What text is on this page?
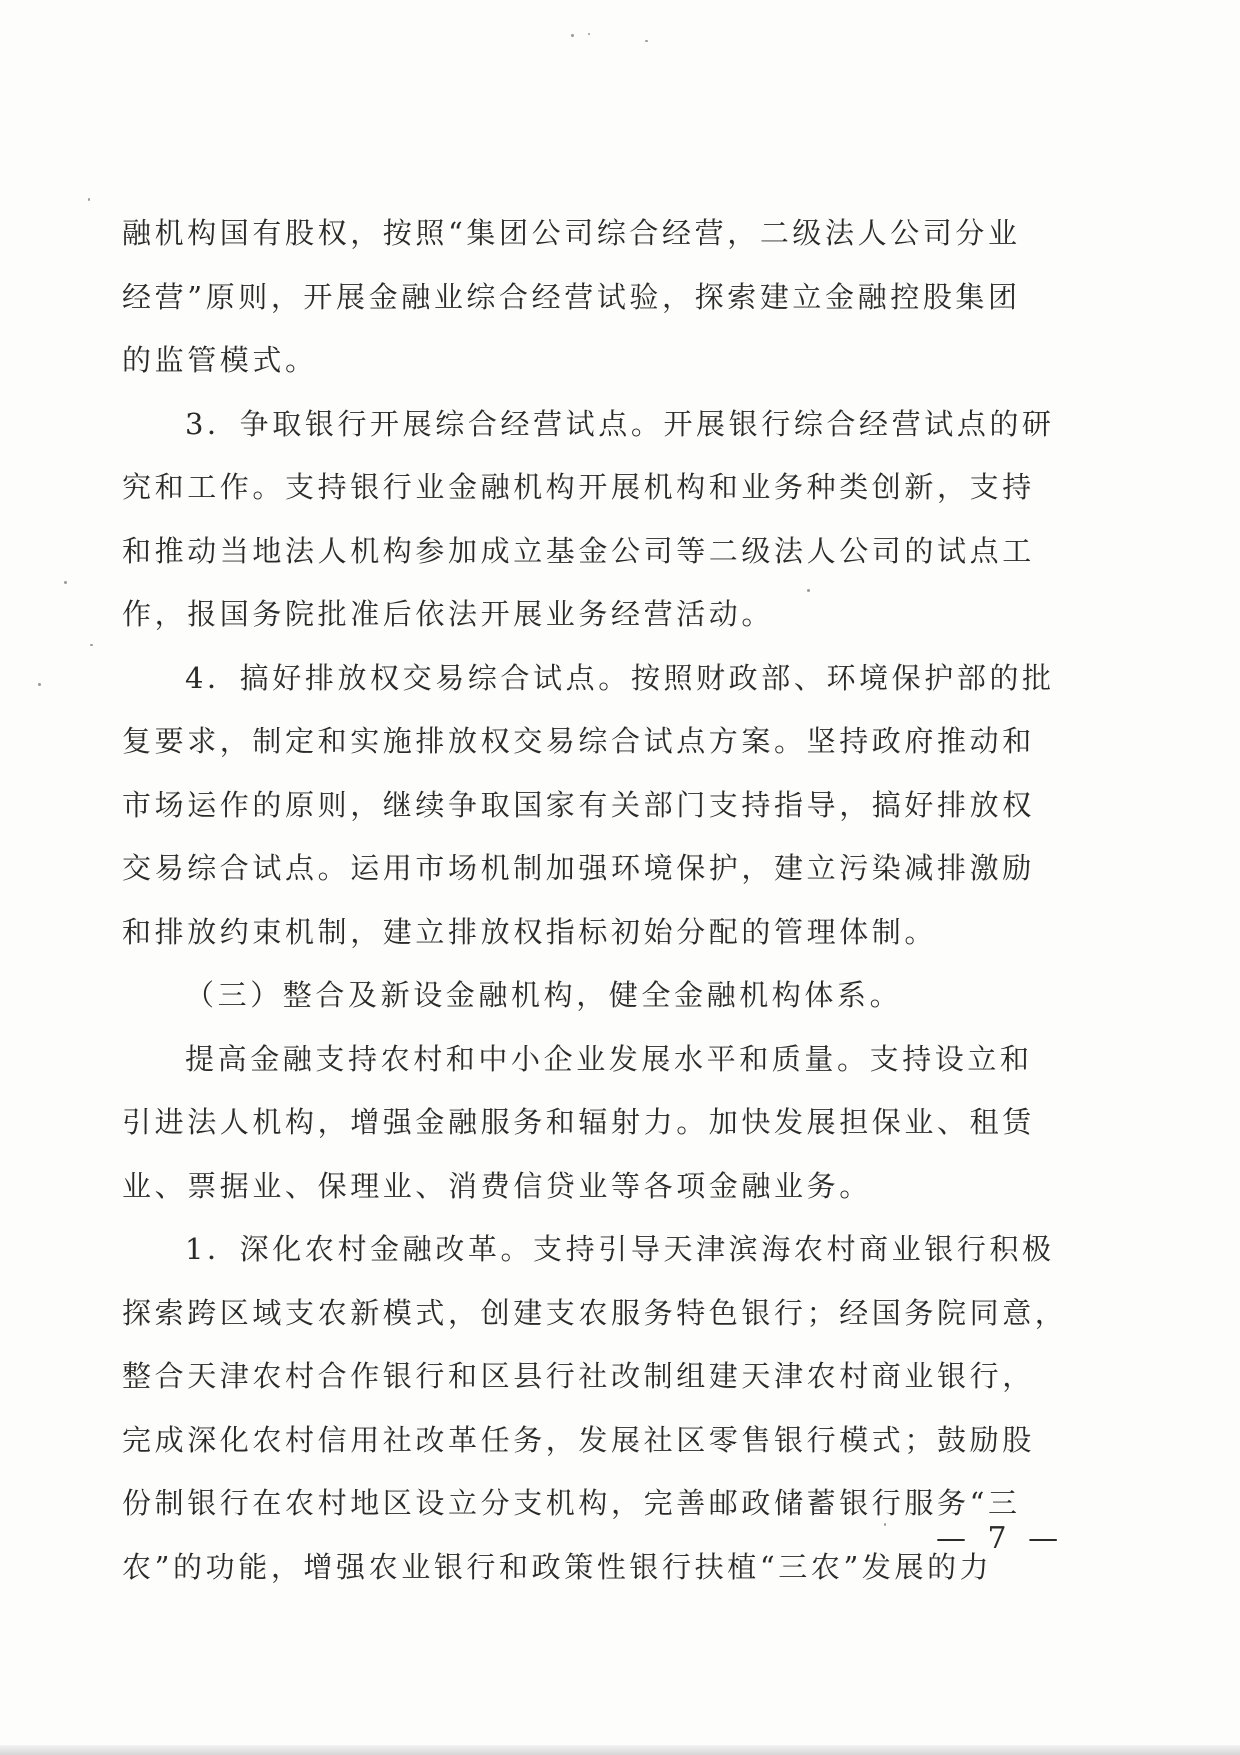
融机构国有股权，按照“集团公司综合经营，二级法人公司分业
经营”原则，开展金融业综合经营试验，探索建立金融控股集团
的监管模式。
3．争取银行开展综合经营试点。开展银行综合经营试点的研
究和工作。支持银行业金融机构开展机构和业务种类创新，支持
和推动当地法人机构参加成立基金公司等二级法人公司的试点工
作，报国务院批准后依法开展业务经营活动。
4．搞好排放权交易综合试点。按照财政部、环境保护部的批
复要求，制定和实施排放权交易综合试点方案。坚持政府推动和
市场运作的原则，继续争取国家有关部门支持指导，搞好排放权
交易综合试点。运用市场机制加强环境保护，建立污染减排激励
和排放约束机制，建立排放权指标初始分配的管理体制。
（三）整合及新设金融机构，健全金融机构体系。
提高金融支持农村和中小企业发展水平和质量。支持设立和
引进法人机构，增强金融服务和辐射力。加快发展担保业、租赁
业、票据业、保理业、消费信贷业等各项金融业务。
1．深化农村金融改革。支持引导天津滨海农村商业银行积极
探索跨区域支农新模式，创建支农服务特色银行；经国务院同意，
整合天津农村合作银行和区县行社改制组建天津农村商业银行，
完成深化农村信用社改革任务，发展社区零售银行模式；鼓励股
份制银行在农村地区设立分支机构，完善邮政储蓄银行服务“三
农”的功能，增强农业银行和政策性银行扶植“三农”发展的力
— 7 —
